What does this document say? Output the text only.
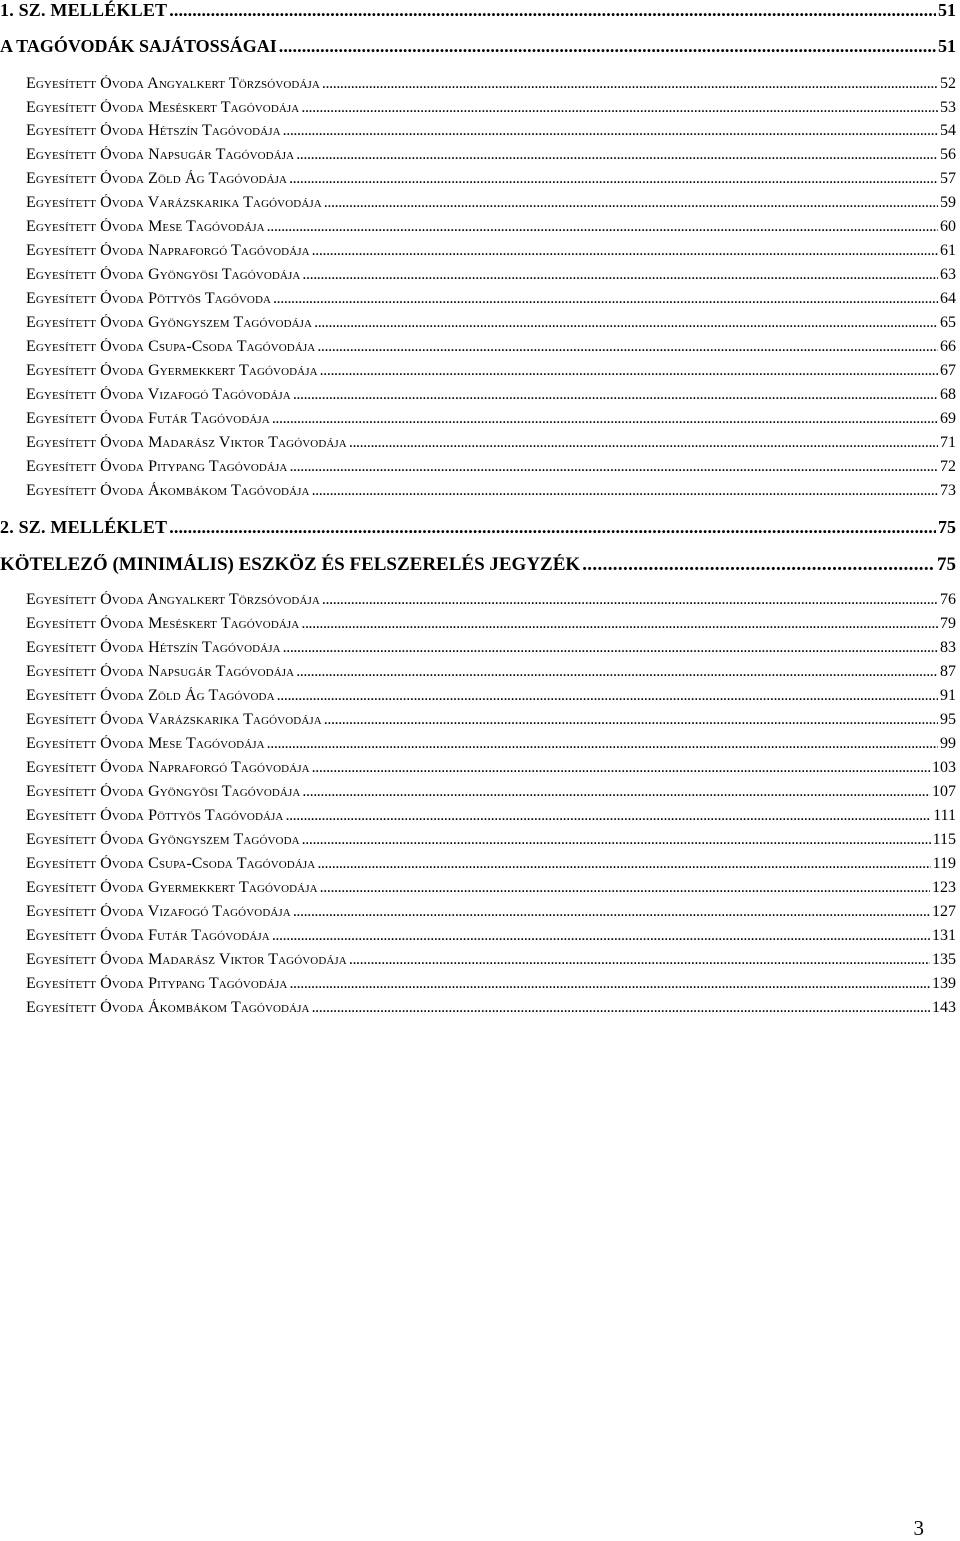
1. SZ. MELLÉKLET . . .	51
A TAGÓVODÁK SAJÁTOSSÁGAI . . .	51
Egyesített Óvoda Angyalkert Törzsóvodája . . .	52
Egyesített Óvoda Meséskert Tagóvodája . . .	53
Egyesített Óvoda Hétszín Tagóvodája . . .	54
Egyesített Óvoda Napsugár Tagóvodája . . .	56
Egyesített Óvoda Zöld Ág Tagóvodája . . .	57
Egyesített Óvoda Varázskarika Tagóvodája . . .	59
Egyesített Óvoda Mese Tagóvodája . . .	60
Egyesített Óvoda Napraforgó Tagóvodája . . .	61
Egyesített Óvoda Gyöngyösi Tagóvodája . . .	63
Egyesített Óvoda Pöttyös Tagóvoda . . .	64
Egyesített Óvoda Gyöngyszem Tagóvodája . . .	65
Egyesített Óvoda Csupa-Csoda Tagóvodája . . .	66
Egyesített Óvoda Gyermekkert Tagóvodája . . .	67
Egyesített Óvoda Vizafogó Tagóvodája . . .	68
Egyesített Óvoda Futár Tagóvodája . . .	69
Egyesített Óvoda Madarász Viktor Tagóvodája . . .	71
Egyesített Óvoda Pitypang Tagóvodája . . .	72
Egyesített Óvoda Ákombákom Tagóvodája . . .	73
2. SZ. MELLÉKLET . . .	75
KÖTELEZŐ (MINIMÁLIS) ESZKÖZ ÉS FELSZERELÉS JEGYZÉK . . .	75
Egyesített Óvoda Angyalkert Törzsóvodája . . .	76
Egyesített Óvoda Meséskert Tagóvodája . . .	79
Egyesített Óvoda Hétszín Tagóvodája . . .	83
Egyesített Óvoda Napsugár Tagóvodája . . .	87
Egyesített Óvoda Zöld Ág Tagóvoda . . .	91
Egyesített Óvoda Varázskarika Tagóvodája . . .	95
Egyesített Óvoda Mese Tagóvodája . . .	99
Egyesített Óvoda Napraforgó Tagóvodája . . .	103
Egyesített Óvoda Gyöngyösi Tagóvodája . . .	107
Egyesített Óvoda Pöttyös Tagóvodája . . .	111
Egyesített Óvoda Gyöngyszem Tagóvoda . . .	115
Egyesített Óvoda Csupa-Csoda Tagóvodája . . .	119
Egyesített Óvoda Gyermekkert Tagóvodája . . .	123
Egyesített Óvoda Vizafogó Tagóvodája . . .	127
Egyesített Óvoda Futár Tagóvodája . . .	131
Egyesített Óvoda Madarász Viktor Tagóvodája . . .	135
Egyesített Óvoda Pitypang Tagóvodája . . .	139
Egyesített Óvoda Ákombákom Tagóvodája . . .	143
3
